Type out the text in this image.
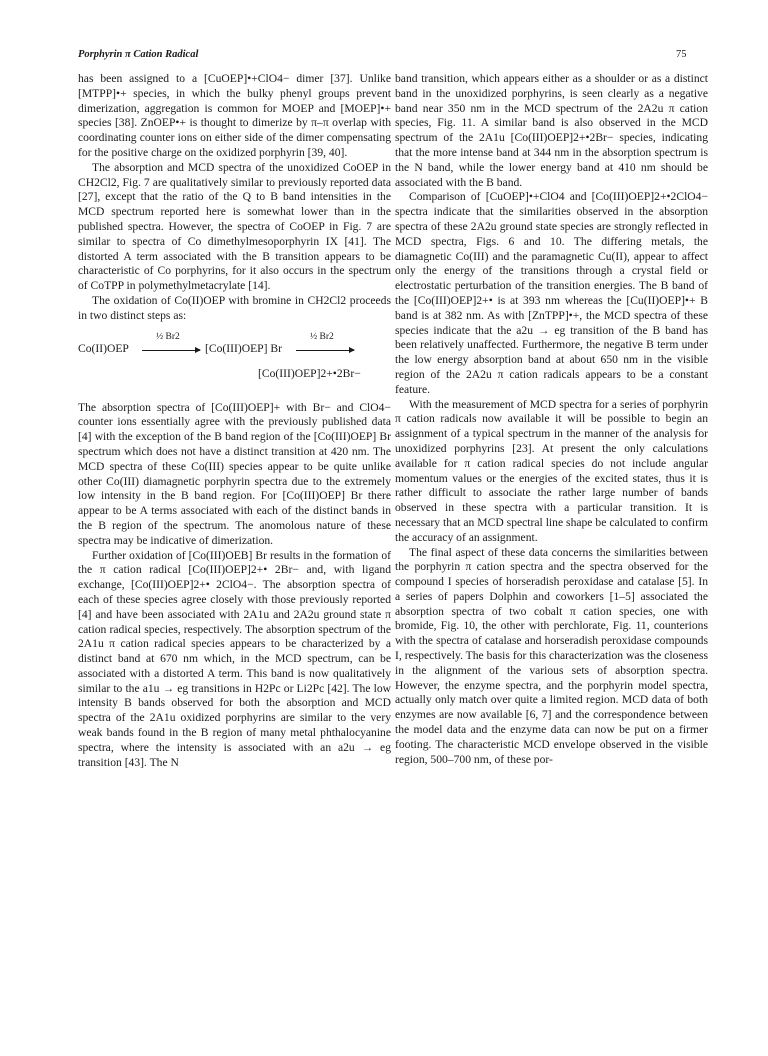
Porphyrin π Cation Radical	75

has been assigned to a [CuOEP]•+ClO4− dimer [37]. Unlike [MTPP]•+ species, in which the bulky phenyl groups prevent dimerization, aggregation is common for MOEP and [MOEP]•+ species [38]. ZnOEP•+ is thought to dimerize by π–π overlap with coordinating counter ions on either side of the dimer compensating for the positive charge on the oxidized porphyrin [39, 40].

The absorption and MCD spectra of the unoxidized CoOEP in CH2Cl2, Fig. 7 are qualitatively similar to previously reported data [27], except that the ratio of the Q to B band intensities in the MCD spectrum reported here is somewhat lower than in the published spectra. However, the spectra of CoOEP in Fig. 7 are similar to spectra of Co dimethylmesoporphyrin IX [41]. The distorted A term associated with the B transition appears to be characteristic of Co porphyrins, for it also occurs in the spectrum of CoTPP in polymethylmetacrylate [14].

The oxidation of Co(II)OEP with bromine in CH2Cl2 proceeds in two distinct steps as:

Co(II)OEP
½ Br2
[Co(III)OEP] Br
½ Br2
[Co(III)OEP]2+•2Br−

The absorption spectra of [Co(III)OEP]+ with Br− and ClO4− counter ions essentially agree with the previously published data [4] with the exception of the B band region of the [Co(III)OEP] Br spectrum which does not have a distinct transition at 420 nm. The MCD spectra of these Co(III) species appear to be quite unlike other Co(III) diamagnetic porphyrin spectra due to the extremely low intensity in the B band region. For [Co(III)OEP] Br there appear to be A terms associated with each of the distinct bands in the B region of the spectrum. The anomolous nature of these spectra may be indicative of dimerization.

Further oxidation of [Co(III)OEB] Br results in the formation of the π cation radical [Co(III)OEP]2+• 2Br− and, with ligand exchange, [Co(III)OEP]2+• 2ClO4−. The absorption spectra of each of these species agree closely with those previously reported [4] and have been associated with 2A1u and 2A2u ground state π cation radical species, respectively. The absorption spectrum of the 2A1u π cation radical species appears to be characterized by a distinct band at 670 nm which, in the MCD spectrum, can be associated with a distorted A term. This band is now qualitatively similar to the a1u → eg transitions in H2Pc or Li2Pc [42]. The low intensity B bands observed for both the absorption and MCD spectra of the 2A1u oxidized porphyrins are similar to the very weak bands found in the B region of many metal phthalocyanine spectra, where the intensity is associated with an a2u → eg transition [43]. The N

band transition, which appears either as a shoulder or as a distinct band in the unoxidized porphyrins, is seen clearly as a negative band near 350 nm in the MCD spectrum of the 2A2u π cation species, Fig. 11. A similar band is also observed in the MCD spectrum of the 2A1u [Co(III)OEP]2+•2Br− species, indicating that the more intense band at 344 nm in the absorption spectrum is the N band, while the lower energy band at 410 nm should be associated with the B band.

Comparison of [CuOEP]•+ClO4 and [Co(III)OEP]2+•2ClO4− spectra indicate that the similarities observed in the absorption spectra of these 2A2u ground state species are strongly reflected in MCD spectra, Figs. 6 and 10. The differing metals, the diamagnetic Co(III) and the paramagnetic Cu(II), appear to affect only the energy of the transitions through a crystal field or electrostatic perturbation of the transition energies. The B band of the [Co(III)OEP]2+• is at 393 nm whereas the [Cu(II)OEP]•+ B band is at 382 nm. As with [ZnTPP]•+, the MCD spectra of these species indicate that the a2u → eg transition of the B band has been relatively unaffected. Furthermore, the negative B term under the low energy absorption band at about 650 nm in the visible region of the 2A2u π cation radicals appears to be a constant feature.

With the measurement of MCD spectra for a series of porphyrin π cation radicals now available it will be possible to begin an assignment of a typical spectrum in the manner of the analysis for unoxidized porphyrins [23]. At present the only calculations available for π cation radical species do not include angular momentum values or the energies of the excited states, thus it is rather difficult to associate the rather large number of bands observed in these spectra with a particular transition. It is necessary that an MCD spectral line shape be calculated to confirm the accuracy of an assignment.

The final aspect of these data concerns the similarities between the porphyrin π cation spectra and the spectra observed for the compound I species of horseradish peroxidase and catalase [5]. In a series of papers Dolphin and coworkers [1–5] associated the absorption spectra of two cobalt π cation species, one with bromide, Fig. 10, the other with perchlorate, Fig. 11, counterions with the spectra of catalase and horseradish peroxidase compounds I, respectively. The basis for this characterization was the closeness in the alignment of the various sets of absorption spectra. However, the enzyme spectra, and the porphyrin model spectra, actually only match over quite a limited region. MCD data of both enzymes are now available [6, 7] and the correspondence between the model data and the enzyme data can now be put on a firmer footing. The characteristic MCD envelope observed in the visible region, 500–700 nm, of these por-
